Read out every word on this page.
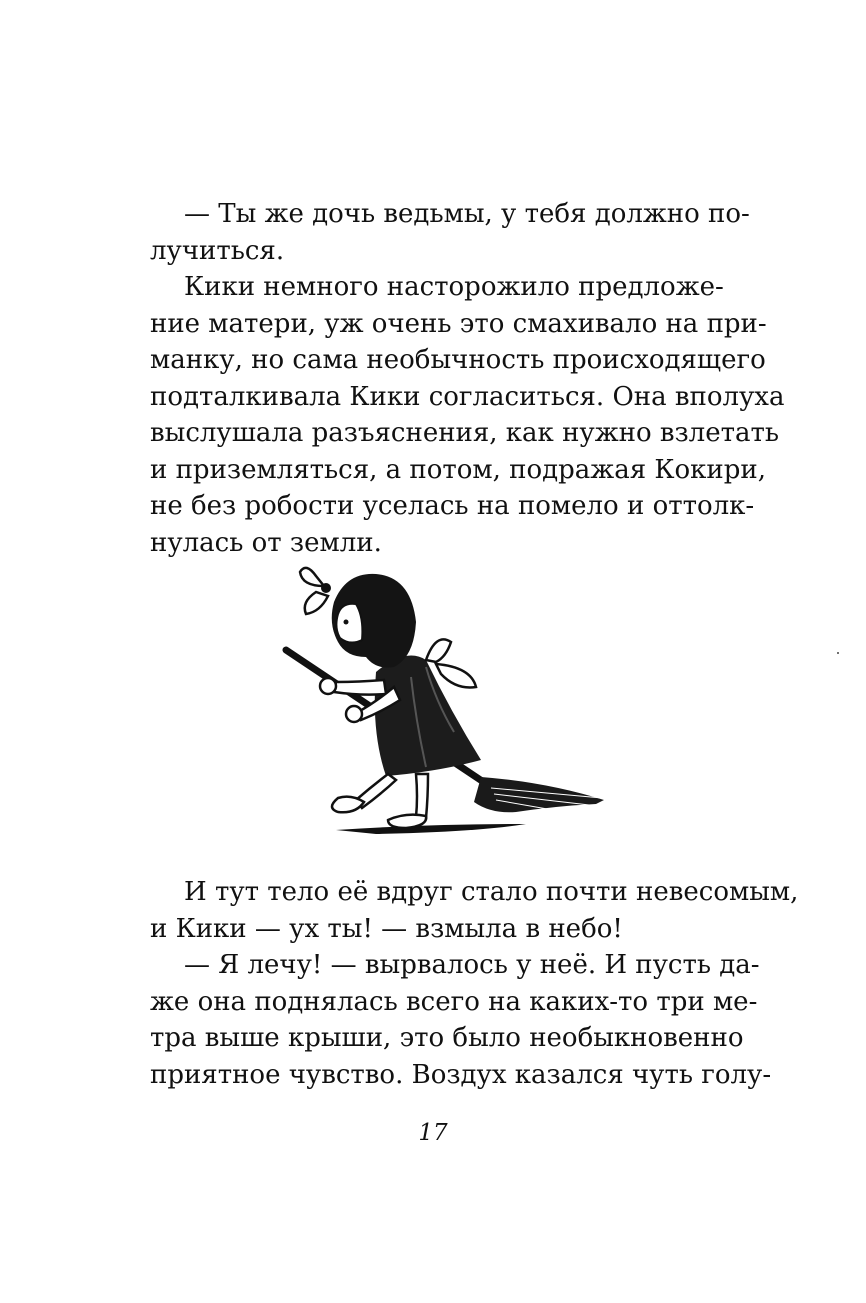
— Ты же дочь ведьмы, у тебя должно по-
лучиться.
Кики немного насторожило предложе-
ние матери, уж очень это смахивало на при-
манку, но сама необычность происходящего
подталкивала Кики согласиться. Она вполуха
выслушала разъяснения, как нужно взлетать
и приземляться, а потом, подражая Кокири,
не без робости уселась на помело и оттолк-
нулась от земли.
И тут тело её вдруг стало почти невесомым,
и Кики — ух ты! — взмыла в небо!
— Я лечу! — вырвалось у неё. И пусть да-
же она поднялась всего на каких-то три ме-
тра выше крыши, это было необыкновенно
приятное чувство. Воздух казался чуть голу-
17
